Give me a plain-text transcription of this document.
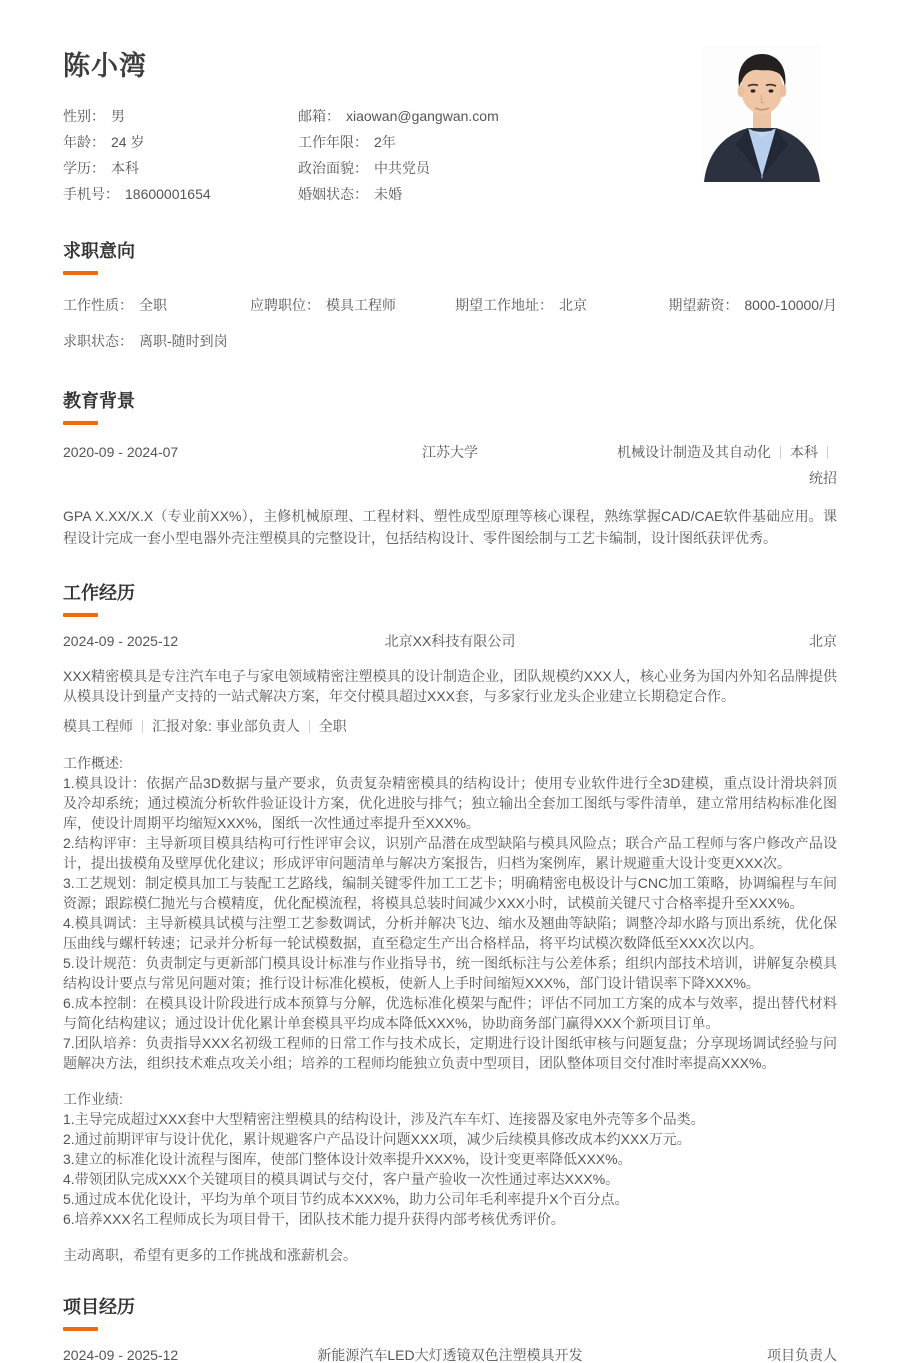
陈小湾
性别： 男	邮箱： xiaowan@gangwan.com
年龄： 24 岁	工作年限： 2年
学历： 本科	政治面貌： 中共党员
手机号： 18600001654	婚姻状态： 未婚
求职意向
工作性质： 全职	应聘职位： 模具工程师	期望工作地址： 北京	期望薪资： 8000-10000/月
求职状态： 离职-随时到岗
教育背景
2020-09 - 2024-07	江苏大学	机械设计制造及其自动化 本科统招
GPA X.XX/X.X（专业前XX%），主修机械原理、工程材料、塑性成型原理等核心课程，熟练掌握CAD/CAE软件基础应用。课程设计完成一套小型电器外壳注塑模具的完整设计，包括结构设计、零件图绘制与工艺卡编制，设计图纸获评优秀。
工作经历
2024-09 - 2025-12	北京XX科技有限公司	北京
XXX精密模具是专注汽车电子与家电领域精密注塑模具的设计制造企业，团队规模约XXX人，核心业务为国内外知名品牌提供从模具设计到量产支持的一站式解决方案，年交付模具超过XXX套，与多家行业龙头企业建立长期稳定合作。
模具工程师 汇报对象: 事业部负责人 全职
工作概述:
1.模具设计：依据产品3D数据与量产要求，负责复杂精密模具的结构设计；使用专业软件进行全3D建模，重点设计滑块斜顶及冷却系统；通过模流分析软件验证设计方案，优化进胶与排气；独立输出全套加工图纸与零件清单，建立常用结构标准化图库，使设计周期平均缩短XXX%，图纸一次性通过率提升至XXX%。
2.结构评审：主导新项目模具结构可行性评审会议，识别产品潜在成型缺陷与模具风险点；联合产品工程师与客户修改产品设计，提出拔模角及壁厚优化建议；形成评审问题清单与解决方案报告，归档为案例库，累计规避重大设计变更XXX次。
3.工艺规划：制定模具加工与装配工艺路线，编制关键零件加工工艺卡；明确精密电极设计与CNC加工策略，协调编程与车间资源；跟踪模仁抛光与合模精度，优化配模流程，将模具总装时间减少XXX小时，试模前关键尺寸合格率提升至XXX%。
4.模具调试：主导新模具试模与注塑工艺参数调试，分析并解决飞边、缩水及翘曲等缺陷；调整冷却水路与顶出系统，优化保压曲线与螺杆转速；记录并分析每一轮试模数据，直至稳定生产出合格样品，将平均试模次数降低至XXX次以内。
5.设计规范：负责制定与更新部门模具设计标准与作业指导书，统一图纸标注与公差体系；组织内部技术培训，讲解复杂模具结构设计要点与常见问题对策；推行设计标准化模板，使新人上手时间缩短XXX%，部门设计错误率下降XXX%。
6.成本控制：在模具设计阶段进行成本预算与分解，优选标准化模架与配件；评估不同加工方案的成本与效率，提出替代材料与简化结构建议；通过设计优化累计单套模具平均成本降低XXX%，协助商务部门赢得XXX个新项目订单。
7.团队培养：负责指导XXX名初级工程师的日常工作与技术成长，定期进行设计图纸审核与问题复盘；分享现场调试经验与问题解决方法，组织技术难点攻关小组；培养的工程师均能独立负责中型项目，团队整体项目交付准时率提高XXX%。
工作业绩:
1.主导完成超过XXX套中大型精密注塑模具的结构设计，涉及汽车车灯、连接器及家电外壳等多个品类。
2.通过前期评审与设计优化，累计规避客户产品设计问题XXX项，减少后续模具修改成本约XXX万元。
3.建立的标准化设计流程与图库，使部门整体设计效率提升XXX%，设计变更率降低XXX%。
4.带领团队完成XXX个关键项目的模具调试与交付，客户量产验收一次性通过率达XXX%。
5.通过成本优化设计，平均为单个项目节约成本XXX%，助力公司年毛利率提升X个百分点。
6.培养XXX名工程师成长为项目骨干，团队技术能力提升获得内部考核优秀评价。
主动离职，希望有更多的工作挑战和涨薪机会。
项目经历
2024-09 - 2025-12	新能源汽车LED大灯透镜双色注塑模具开发	项目负责人
